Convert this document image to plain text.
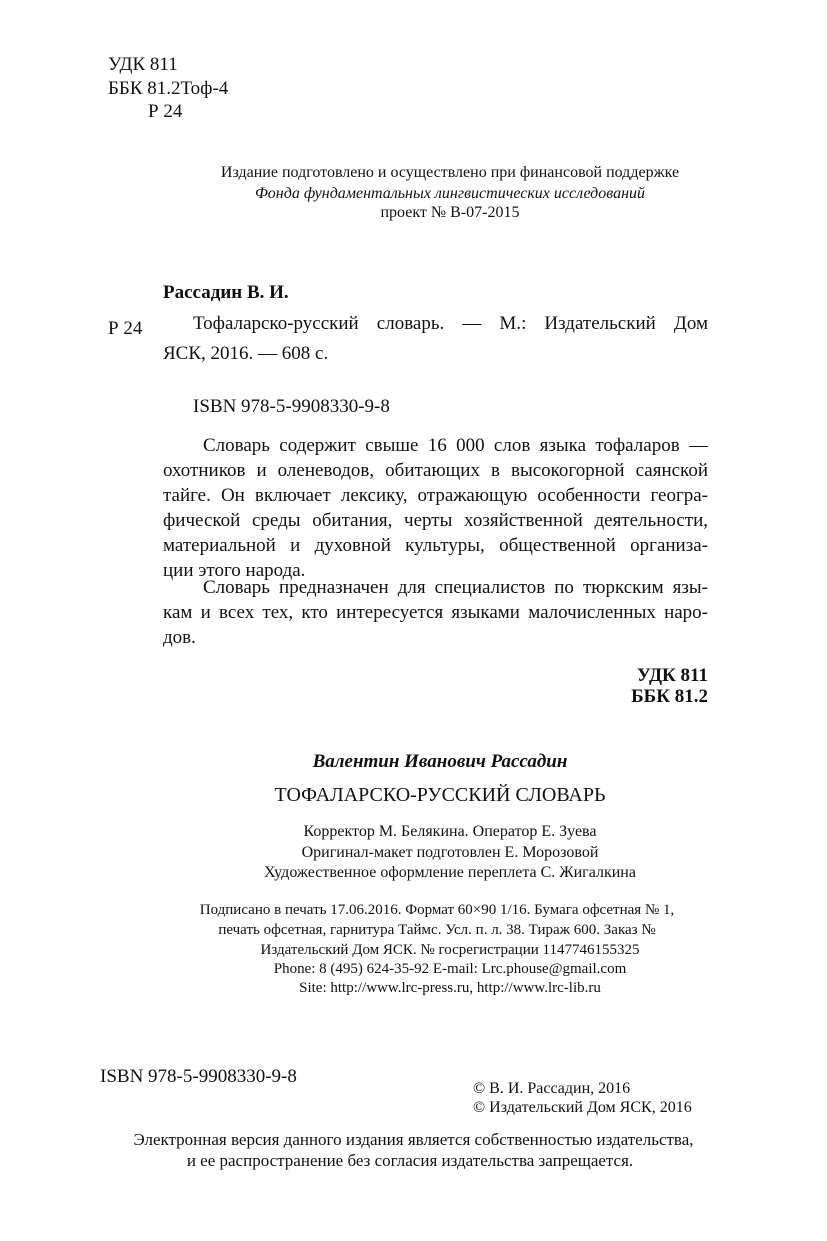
УДК 811
ББК 81.2Тоф-4
Р 24
Издание подготовлено и осуществлено при финансовой поддержке
Фонда фундаментальных лингвистических исследований
проект № В-07-2015
Рассадин В. И.
Р 24	Тофаларско-русский словарь. — М.: Издательский Дом
ЯСК, 2016. — 608 с.
ISBN 978-5-9908330-9-8
Словарь содержит свыше 16 000 слов языка тофаларов —
охотников и оленеводов, обитающих в высокогорной саянской
тайге. Он включает лексику, отражающую особенности геогра-
фической среды обитания, черты хозяйственной деятельности,
материальной и духовной культуры, общественной организа-
ции этого народа.
Словарь предназначен для специалистов по тюркским язы-
кам и всех тех, кто интересуется языками малочисленных наро-
дов.
УДК 811
ББК 81.2
Валентин Иванович Рассадин
ТОФАЛАРСКО-РУССКИЙ СЛОВАРЬ
Корректор М. Белякина. Оператор Е. Зуева
Оригинал-макет подготовлен Е. Морозовой
Художественное оформление переплета С. Жигалкина
Подписано в печать 17.06.2016. Формат 60×90 1/16. Бумага офсетная № 1,
печать офсетная, гарнитура Таймс. Усл. п. л. 38. Тираж 600. Заказ №
Издательский Дом ЯСК. № госрегистрации 1147746155325
Phone: 8 (495) 624-35-92 E-mail: Lrc.phouse@gmail.com
Site: http://www.lrc-press.ru, http://www.lrc-lib.ru
ISBN 978-5-9908330-9-8
© В. И. Рассадин, 2016
© Издательский Дом ЯСК, 2016
Электронная версия данного издания является собственностью издательства,
и ее распространение без согласия издательства запрещается.
